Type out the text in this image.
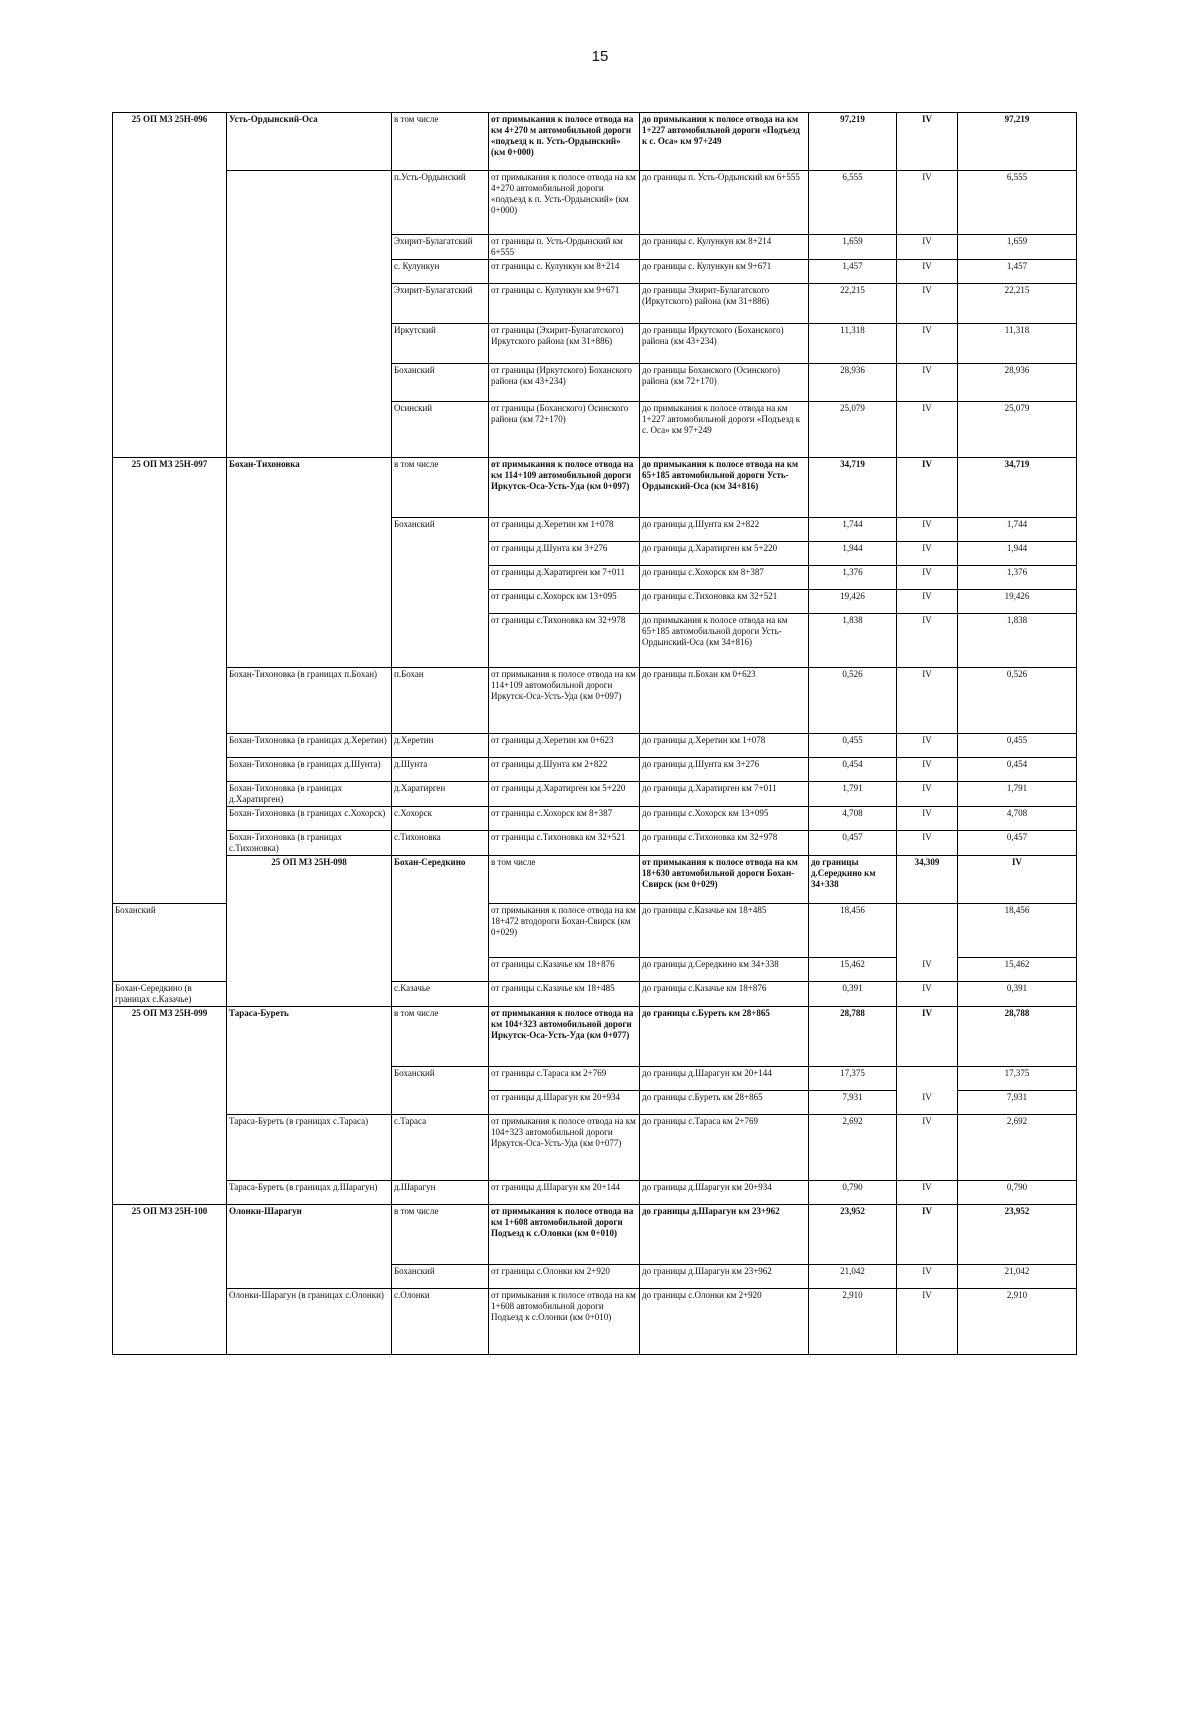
15
25 ОП МЗ 25Н-096	Усть-Ордынский-Оса	в том числе	от примыкания к полосе отвода на км 4+270 м автомобильной дороги «подъезд к п. Усть-Ордынский» (км 0+000)	до примыкания к полосе отвода на км 1+227 автомобильной дороги «Подъезд к с. Оса» км 97+249	97,219	IV	97,219	
		п.Усть-Ордынский	от примыкания к полосе отвода на км 4+270 автомобильной дороги «подъезд к п. Усть-Ордынский» (км 0+000)	до границы п. Усть-Ордынский км 6+555	6,555	IV	6,555	
		Эхирит-Булагатский	от границы п. Усть-Ордынский км 6+555	до границы с. Кулункун км 8+214	1,659	IV	1,659	
		с. Кулункун	от границы с. Кулункун км 8+214	до границы с. Кулункун км 9+671	1,457	IV	1,457	
		Эхирит-Булагатский	от границы с. Кулункун км 9+671	до границы Эхирит-Булагатского (Иркутского) района (км 31+886)	22,215	IV	22,215	
		Иркутский	от границы (Эхирит-Булагатского) Иркутского района (км 31+886)	до границы Иркутского (Боханского) района (км 43+234)	11,318	IV	11,318	
		Боханский	от границы (Иркутского) Боханского района (км 43+234)	до границы Боханского (Осинского) района (км 72+170)	28,936	IV	28,936	
		Осинский	от границы (Боханского) Осинского района (км 72+170)	до примыкания к полосе отвода на км 1+227 автомобильной дороги «Подъезд к с. Оса» км 97+249	25,079	IV	25,079	
25 ОП МЗ 25Н-097	Бохан-Тихоновка	в том числе	от примыкания к полосе отвода на км 114+109 автомобильной дороги Иркутск-Оса-Усть-Уда (км 0+097)	до примыкания к полосе отвода на км 65+185 автомобильной дороги Усть-Ордынский-Оса (км 34+816)	34,719	IV	34,719	
		Боханский	от границы д.Херетин км 1+078	до границы д.Шунта км 2+822	1,744	IV	1,744	
			от границы д.Шунта км 3+276	до границы д.Харатирген км 5+220	1,944	IV	1,944	
			от границы д.Харатирген км 7+011	до границы с.Хохорск км 8+387	1,376	IV	1,376	
			от границы с.Хохорск км 13+095	до границы с.Тихоновка км 32+521	19,426	IV	19,426	
			от границы с.Тихоновка км 32+978	до примыкания к полосе отвода на км 65+185 автомобильной дороги Усть-Ордынский-Оса (км 34+816)	1,838	IV	1,838	
	Бохан-Тихоновка (в границах п.Бохан)	п.Бохан	от примыкания к полосе отвода на км 114+109 автомобильной дороги Иркутск-Оса-Усть-Уда (км 0+097)	до границы п.Бохан км 0+623	0,526	IV	0,526	
	Бохан-Тихоновка (в границах д.Херетин)	д.Херетин	от границы д.Херетин км 0+623	до границы д.Херетин км 1+078	0,455	IV	0,455	
	Бохан-Тихоновка (в границах д.Шунта)	д.Шунта	от границы д.Шунта км 2+822	до границы д.Шунта км 3+276	0,454	IV	0,454	
	Бохан-Тихоновка (в границах д.Харатирген)	д.Харатирген	от границы д.Харатирген км 5+220	до границы д.Харатирген км 7+011	1,791	IV	1,791	
	Бохан-Тихоновка (в границах с.Хохорск)	с.Хохорск	от границы с.Хохорск км 8+387	до границы с.Хохорск км 13+095	4,708	IV	4,708	
	Бохан-Тихоновка (в границах с.Тихоновка)	с.Тихоновка	от границы с.Тихоновка км 32+521	до границы с.Тихоновка км 32+978	0,457	IV	0,457	
	25 ОП МЗ 25Н-098	Бохан-Середкино	в том числе	от примыкания к полосе отвода на км 18+630 автомобильной дороги Бохан-Свирск (км 0+029)	до границы д.Середкино км 34+338	34,309	IV	
Боханский			от примыкания к полосе отвода на км 18+472 втодороги Бохан-Свирск (км 0+029)	до границы с.Казачье км 18+485	18,456		18,456	
			от границы с.Казачье км 18+876	до границы д.Середкино км 34+338	15,462	IV	15,462	
Бохан-Середкино (в границах с.Казачье)		с.Казачье	от границы с.Казачье км 18+485	до границы с.Казачье км 18+876	0,391	IV	0,391	
25 ОП МЗ 25Н-099	Тараса-Буреть	в том числе	от примыкания к полосе отвода на км 104+323 автомобильной дороги Иркутск-Оса-Усть-Уда (км 0+077)	до границы с.Буреть км 28+865	28,788	IV	28,788	
		Боханский	от границы с.Тараса км 2+769	до границы д.Шарагун км 20+144	17,375		17,375	
			от границы д.Шарагун км 20+934	до границы с.Буреть км 28+865	7,931	IV	7,931	
	Тараса-Буреть (в границах с.Тараса)	с.Тараса	от примыкания к полосе отвода на км 104+323 автомобильной дороги Иркутск-Оса-Усть-Уда (км 0+077)	до границы с.Тараса км 2+769	2,692	IV	2,692	
	Тараса-Буреть (в границах д.Шарагун)	д.Шарагун	от границы д.Шарагун км 20+144	до границы д.Шарагун км 20+934	0,790	IV	0,790	
25 ОП МЗ 25Н-100	Олонки-Шарагун	в том числе	от примыкания к полосе отвода на км 1+608 автомобильной дороги Подъезд к с.Олонки (км 0+010)	до границы д.Шарагун км 23+962	23,952	IV	23,952	
		Боханский	от границы с.Олонки км 2+920	до границы д.Шарагун км 23+962	21,042	IV	21,042	
	Олонки-Шарагун (в границах с.Олонки)	с.Олонки	от примыкания к полосе отвода на км 1+608 автомобильной дороги Подъезд к с.Олонки (км 0+010)	до границы с.Олонки км 2+920	2,910	IV	2,910	
